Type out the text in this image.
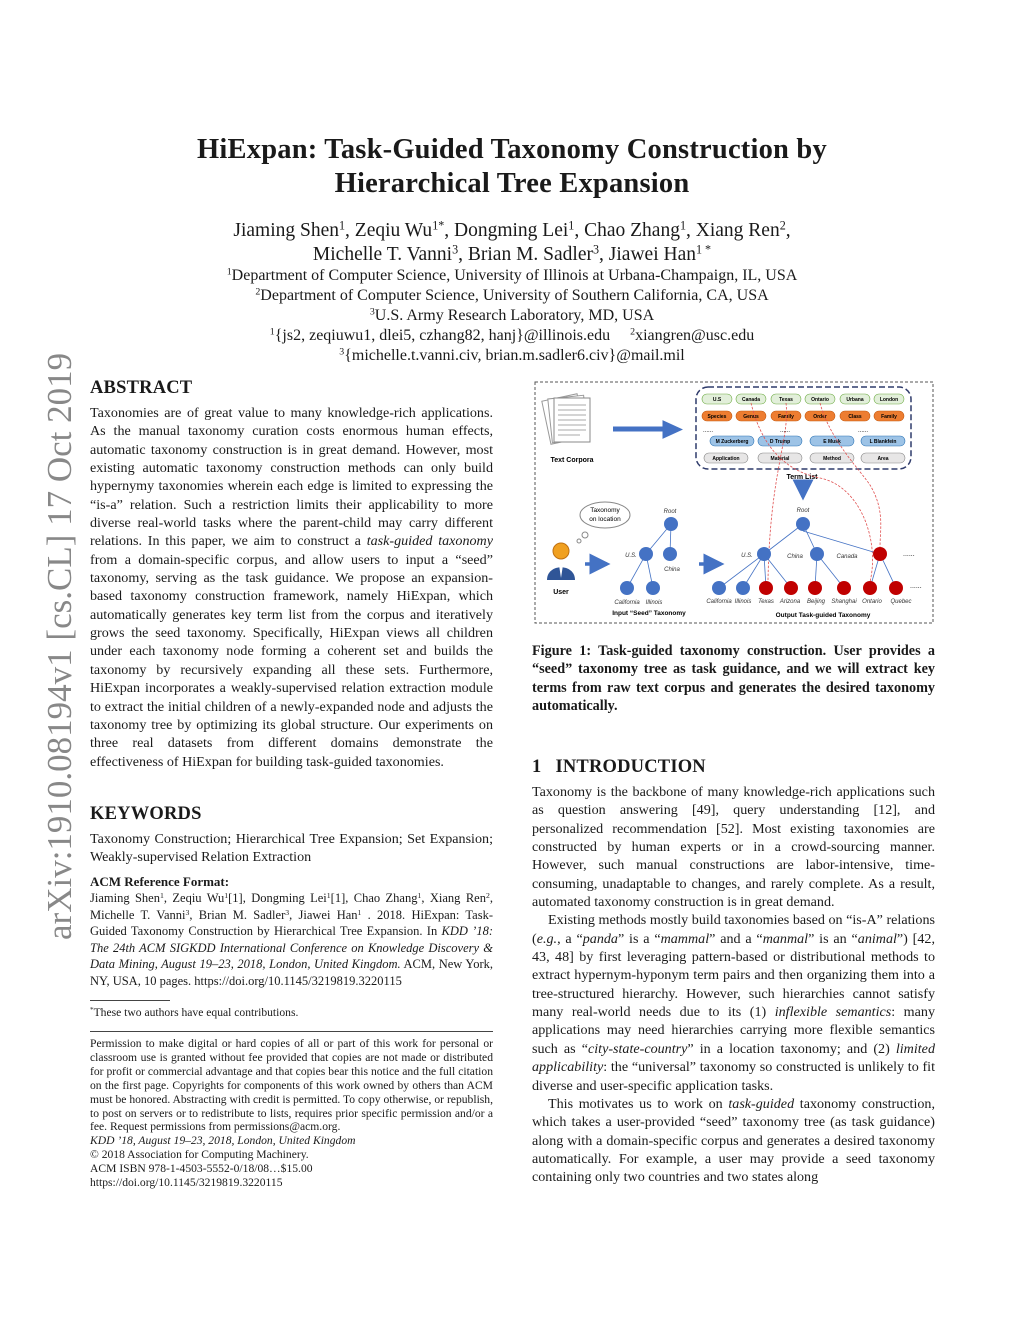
arXiv:1910.08194v1 [cs.CL] 17 Oct 2019
HiExpan: Task-Guided Taxonomy Construction by
Hierarchical Tree Expansion
Jiaming Shen$^1$, Zeqiu $Wu^{1*}$, Dongming Lei$^1$, Chao Zhang$^1$, Xiang Ren$^2$,
Michelle T. Vanni$^3$, Brian M. Sadler$^3$, Jiawei Han$^{1 *}$
$^1$Department of Computer Science, University of Illinois at Urbana-Champaign, IL, USA
$^2$Department of Computer Science, University of Southern California, CA, USA
$^3$U.S. Army Research Laboratory, MD, USA
$^1${js2, zeqiuwu1, dlei5, czhang82, hanj}@illinois.edu     $^2$xiangren@usc.edu
$^3${michelle.t.vanni.civ, brian.m.sadler6.civ}@mail.mil
ABSTRACT
Taxonomies are of great value to many knowledge-rich applications. As the manual taxonomy curation costs enormous human effects, automatic taxonomy construction is in great demand. However, most existing automatic taxonomy construction methods can only build hypernymy taxonomies wherein each edge is limited to expressing the “is-a” relation. Such a restriction limits their applicability to more diverse real-world tasks where the parent-child may carry different relations. In this paper, we aim to construct a task-guided taxonomy from a domain-specific corpus, and allow users to input a “seed” taxonomy, serving as the task guidance. We propose an expansion-based taxonomy construction framework, namely HiExpan, which automatically generates key term list from the corpus and iteratively grows the seed taxonomy. Specifically, HiExpan views all children under each taxonomy node forming a coherent set and builds the taxonomy by recursively expanding all these sets. Furthermore, HiExpan incorporates a weakly-supervised relation extraction module to extract the initial children of a newly-expanded node and adjusts the taxonomy tree by optimizing its global structure. Our experiments on three real datasets from different domains demonstrate the effectiveness of HiExpan for building task-guided taxonomies.
KEYWORDS
Taxonomy Construction; Hierarchical Tree Expansion; Set Expansion; Weakly-supervised Relation Extraction
ACM Reference Format:
Jiaming Shen$^1$, Zeqiu Wu$^1$[1], Dongming Lei$^1$[1], Chao Zhang$^1$, Xiang Ren$^2$, Michelle T. Vanni$^3$, Brian M. Sadler$^3$, Jiawei Han$^1$ . 2018. HiExpan: Task-Guided Taxonomy Construction by Hierarchical Tree Expansion. In KDD ’18: The 24th ACM SIGKDD International Conference on Knowledge Discovery & Data Mining, August 19–23, 2018, London, United Kingdom. ACM, New York, NY, USA, 10 pages. https://doi.org/10.1145/3219819.3220115
*These two authors have equal contributions.
Permission to make digital or hard copies of all or part of this work for personal or classroom use is granted without fee provided that copies are not made or distributed for profit or commercial advantage and that copies bear this notice and the full citation on the first page. Copyrights for components of this work owned by others than ACM must be honored. Abstracting with credit is permitted. To copy otherwise, or republish, to post on servers or to redistribute to lists, requires prior specific permission and/or a fee. Request permissions from permissions@acm.org.
KDD ’18, August 19–23, 2018, London, United Kingdom
© 2018 Association for Computing Machinery.
ACM ISBN 978-1-4503-5552-0/18/08…$15.00
https://doi.org/10.1145/3219819.3220115
Text Corpora
U.S	Canada	Texas	Ontario	Urbana	London
Species	Genus	Family	Order	Class	Family
M Zuckerberg	D Trump	E Musk	L Blankfein
Application	Material	Method	Area
......	......	......
Term List
User
Taxonomy
on location
Root
U.S.
China
California Illinois
Input “Seed” Taxonomy
Root
U.S.	China	Canada
California Illinois Texas Arizona Beijing Shanghai Ontario Quebec
......
......
Output Task-guided Taxonomy
Figure 1: Task-guided taxonomy construction. User provides a “seed” taxonomy tree as task guidance, and we will extract key terms from raw text corpus and generates the desired taxonomy automatically.
1 INTRODUCTION
Taxonomy is the backbone of many knowledge-rich applications such as question answering [49], query understanding [12], and personalized recommendation [52]. Most existing taxonomies are constructed by human experts or in a crowd-sourcing manner. However, such manual constructions are labor-intensive, time-consuming, unadaptable to changes, and rarely complete. As a result, automated taxonomy construction is in great demand.
Existing methods mostly build taxonomies based on “is-A” relations (e.g., a “panda” is a “mammal” and a “manmal” is an “animal”) [42, 43, 48] by first leveraging pattern-based or distributional methods to extract hypernym-hyponym term pairs and then organizing them into a tree-structured hierarchy. However, such hierarchies cannot satisfy many real-world needs due to its (1) inflexible semantics: many applications may need hierarchies carrying more flexible semantics such as “city-state-country” in a location taxonomy; and (2) limited applicability: the “universal” taxonomy so constructed is unlikely to fit diverse and user-specific application tasks.
This motivates us to work on task-guided taxonomy construction, which takes a user-provided “seed” taxonomy tree (as task guidance) along with a domain-specific corpus and generates a desired taxonomy automatically. For example, a user may provide a seed taxonomy containing only two countries and two states along
